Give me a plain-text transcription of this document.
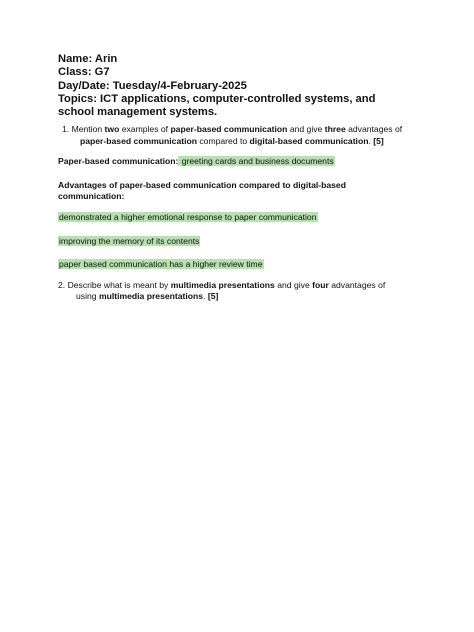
Name: Arin
Class: G7
Day/Date: Tuesday/4-February-2025
Topics: ICT applications, computer-controlled systems, and
school management systems.
1. Mention two examples of paper-based communication and give three advantages of
paper-based communication compared to digital-based communication. [5]
Paper-based communication: greeting cards and business documents
Advantages of paper-based communication compared to digital-based
communication:
demonstrated a higher emotional response to paper communication
improving the memory of its contents
paper based communication has a higher review time
2. Describe what is meant by multimedia presentations and give four advantages of
using multimedia presentations. [5]
